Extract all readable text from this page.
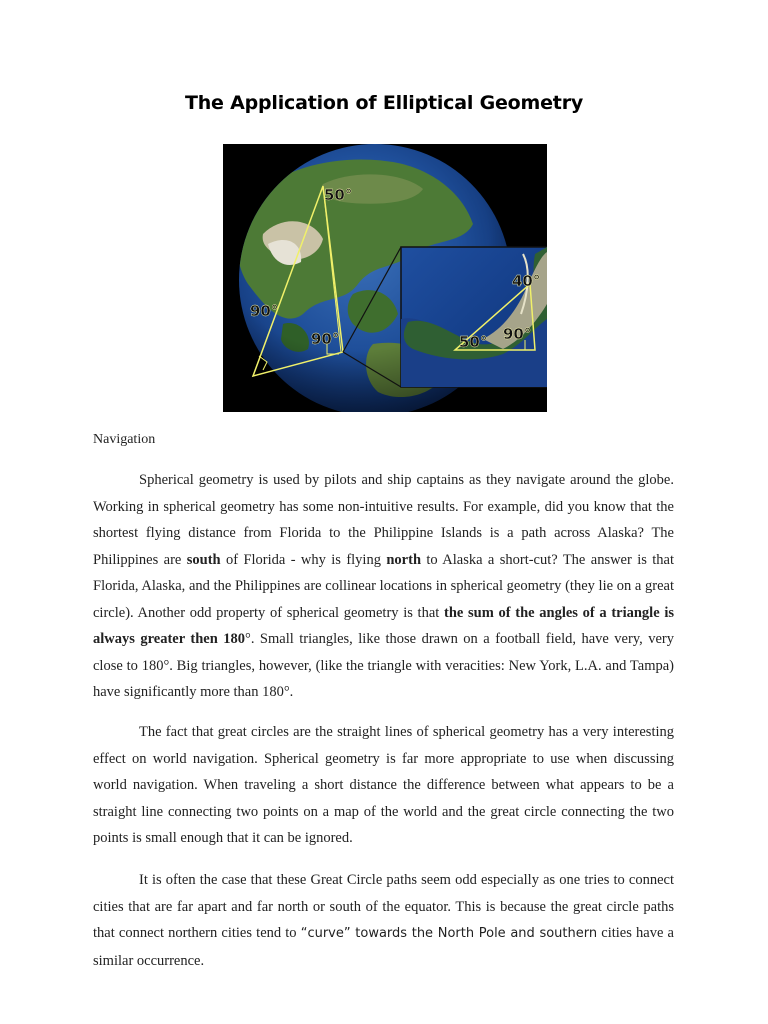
The Application of Elliptical Geometry
50°
90°
90°
40°
50° 90°
Navigation

Spherical geometry is used by pilots and ship captains as they navigate around the globe. Working in spherical geometry has some non-intuitive results. For example, did you know that the shortest flying distance from Florida to the Philippine Islands is a path across Alaska? The Philippines are south of Florida - why is flying north to Alaska a short-cut? The answer is that Florida, Alaska, and the Philippines are collinear locations in spherical geometry (they lie on a great circle). Another odd property of spherical geometry is that the sum of the angles of a triangle is always greater then 180°. Small triangles, like those drawn on a football field, have very, very close to 180°. Big triangles, however, (like the triangle with veracities: New York, L.A. and Tampa) have significantly more than 180°.

The fact that great circles are the straight lines of spherical geometry has a very interesting effect on world navigation. Spherical geometry is far more appropriate to use when discussing world navigation. When traveling a short distance the difference between what appears to be a straight line connecting two points on a map of the world and the great circle connecting the two points is small enough that it can be ignored.

It is often the case that these Great Circle paths seem odd especially as one tries to connect cities that are far apart and far north or south of the equator. This is because the great circle paths that connect northern cities tend to “curve” towards the North Pole and southern cities have a similar occurrence.
